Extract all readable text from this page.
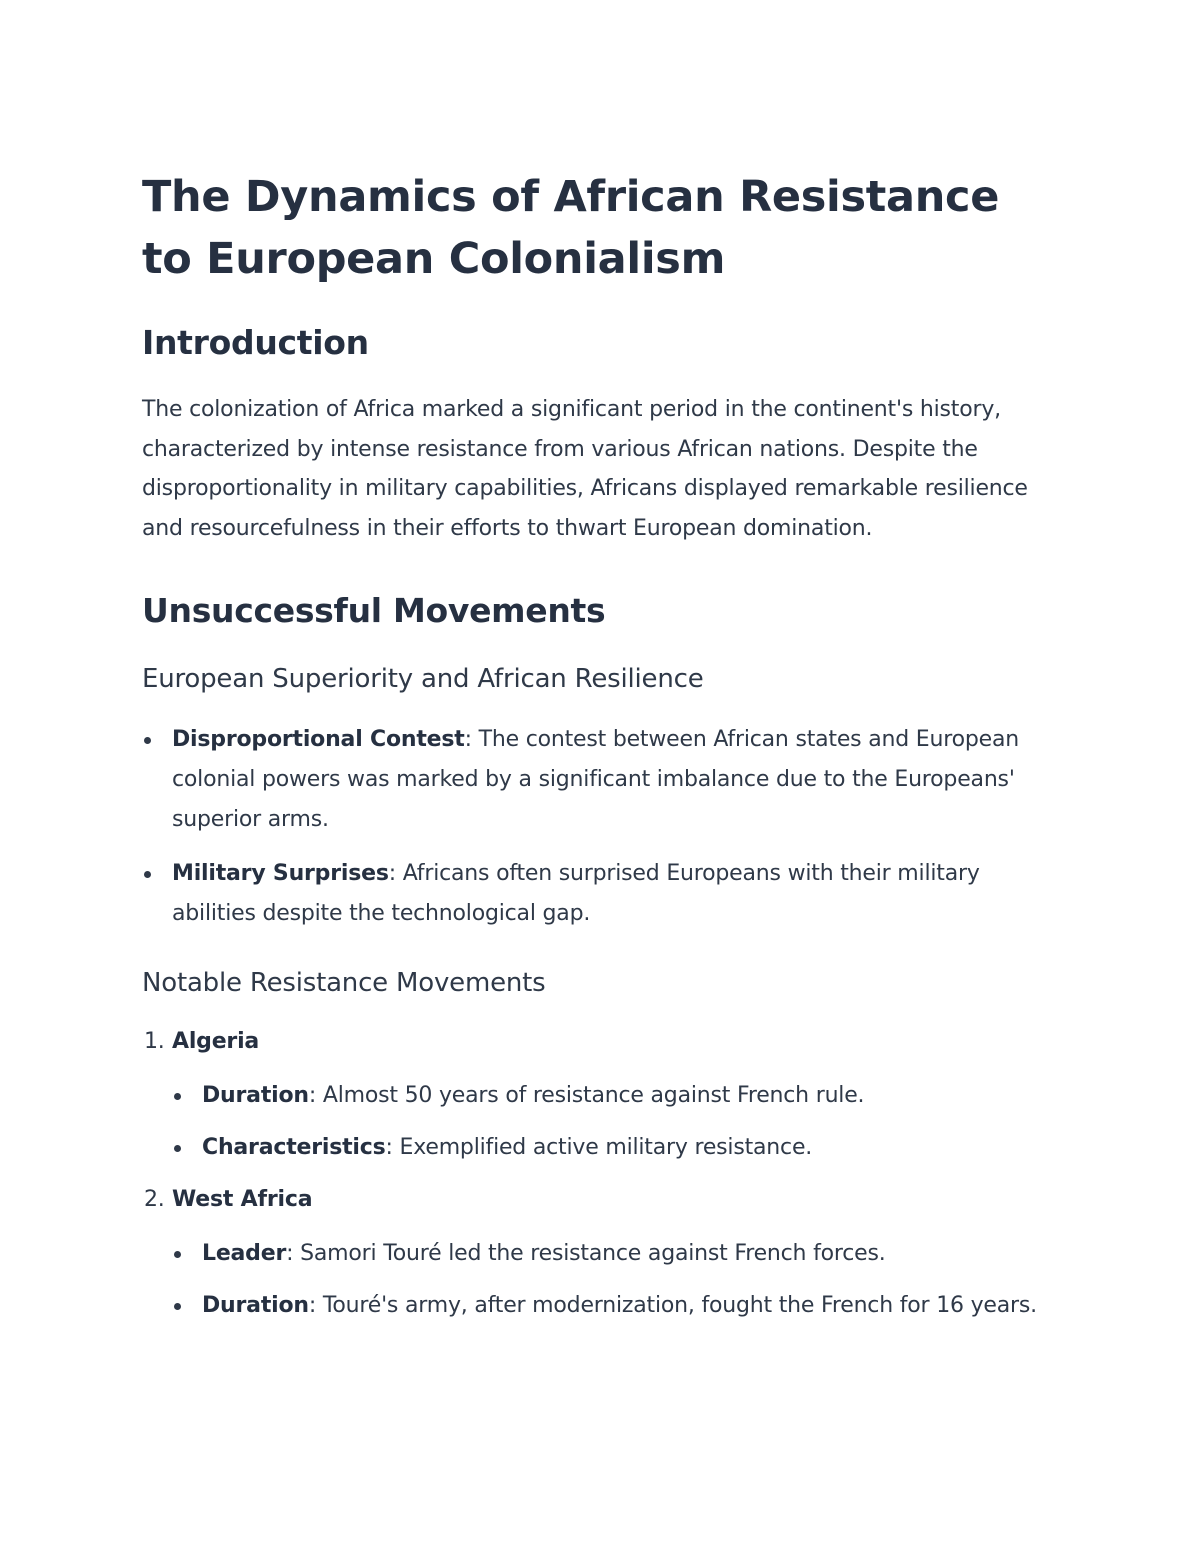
The Dynamics of African Resistance to European Colonialism
Introduction

The colonization of Africa marked a significant period in the continent's history, characterized by intense resistance from various African nations. Despite the disproportionality in military capabilities, Africans displayed remarkable resilience and resourcefulness in their efforts to thwart European domination.

Unsuccessful Movements
European Superiority and African Resilience
Disproportional Contest: The contest between African states and European colonial powers was marked by a significant imbalance due to the Europeans' superior arms.
Military Surprises: Africans often surprised Europeans with their military abilities despite the technological gap.
Notable Resistance Movements
1. Algeria
Duration: Almost 50 years of resistance against French rule.
Characteristics: Exemplified active military resistance.
2. West Africa
Leader: Samori Touré led the resistance against French forces.
Duration: Touré's army, after modernization, fought the French for 16 years.
